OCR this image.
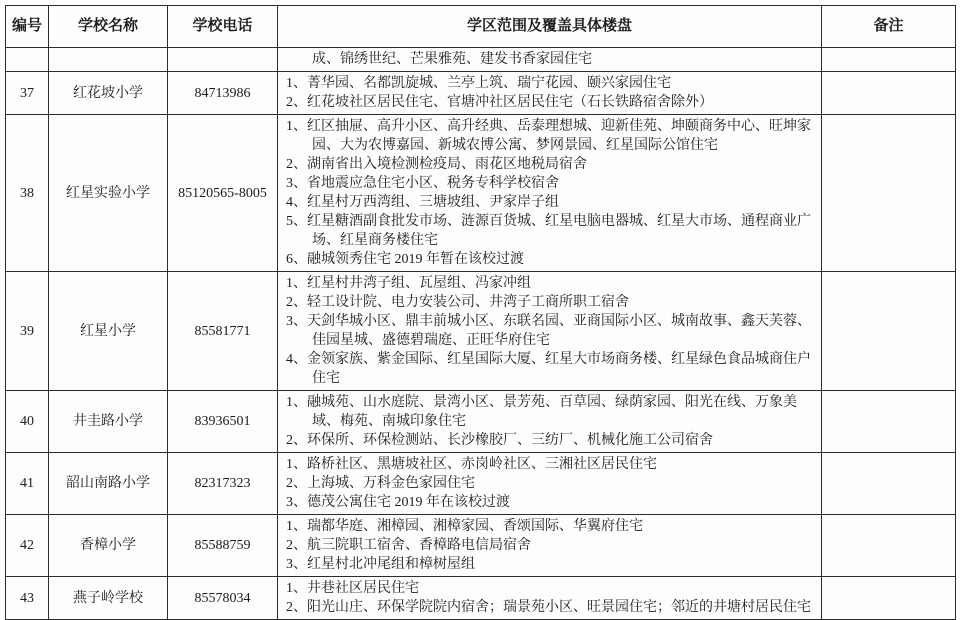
编号	学校名称	学校电话	学区范围及覆盖具体楼盘	备注

			成、锦绣世纪、芒果雅苑、建发书香家园住宅	

37	红花坡小学	84713986	1、菁华园、名都凯旋城、兰亭上筑、瑞宁花园、颐兴家园住宅
2、红花坡社区居民住宅、官塘冲社区居民住宅（石长铁路宿舍除外）	

38	红星实验小学	85120565-8005	
1、红区抽屉、高升小区、高升经典、岳泰理想城、迎新佳苑、坤颐商务中心、旺坤家园、大为农博嘉园、新城农博公寓、梦网景园、红星国际公馆住宅
2、湖南省出入境检测检疫局、雨花区地税局宿舍
3、省地震应急住宅小区、税务专科学校宿舍
4、红星村万西湾组、三塘坡组、尹家岸子组
5、红星糖酒副食批发市场、涟源百货城、红星电脑电器城、红星大市场、通程商业广场、红星商务楼住宅
6、融城领秀住宅 2019 年暂在该校过渡

39	红星小学	85581771	1、红星村井湾子组、瓦屋组、冯家冲组
2、轻工设计院、电力安装公司、井湾子工商所职工宿舍
3、天剑华城小区、鼎丰前城小区、东联名园、亚商国际小区、城南故事、鑫天芙蓉、佳园星城、盛德碧瑞庭、正旺华府住宅
4、金领家族、紫金国际、红星国际大厦、红星大市场商务楼、红星绿色食品城商住户住宅	

40	井圭路小学	83936501	1、融城苑、山水庭院、景湾小区、景芳苑、百草园、绿荫家园、阳光在线、万象美域、梅苑、南城印象住宅
2、环保所、环保检测站、长沙橡胶厂、三纺厂、机械化施工公司宿舍	

41	韶山南路小学	82317323	1、路桥社区、黑塘坡社区、赤岗岭社区、三湘社区居民住宅
2、上海城、万科金色家园住宅
3、德茂公寓住宅 2019 年在该校过渡	

42	香樟小学	85588759	1、瑞都华庭、湘樟园、湘樟家园、香颂国际、华翼府住宅
2、航三院职工宿舍、香樟路电信局宿舍
3、红星村北冲尾组和樟树屋组	

43	燕子岭学校	85578034	1、井巷社区居民住宅
2、阳光山庄、环保学院院内宿舍；瑞景苑小区、旺景园住宅；邻近的井塘村居民住宅	
